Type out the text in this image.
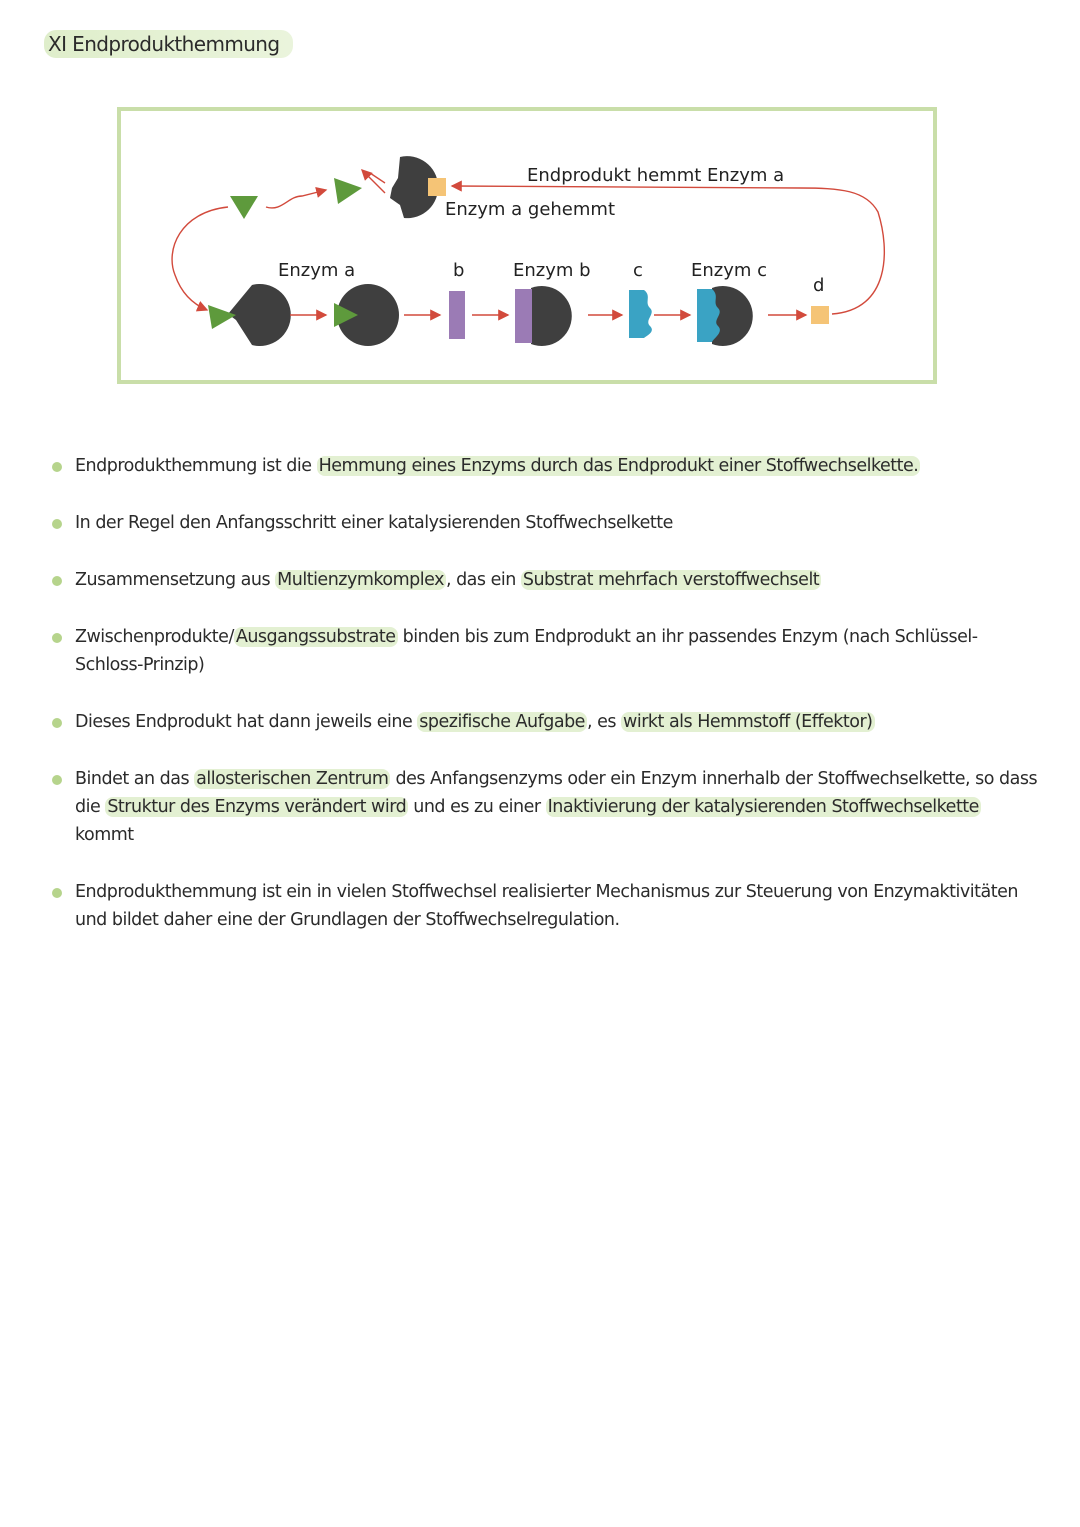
XI Endprodukthemmung
Endprodukt hemmt Enzym a
Enzym a gehemmt
Enzym a	b	Enzym b c	Enzym c
d
Endprodukthemmung ist die Hemmung eines Enzyms durch das Endprodukt einer Stoffwechselkette.
In der Regel den Anfangsschritt einer katalysierenden Stoffwechselkette
Zusammensetzung aus Multienzymkomplex , das ein Substrat mehrfach verstoffwechselt
Zwischenprodukte/ Ausgangssubstrate binden bis zum Endprodukt an ihr passendes Enzym (nach Schlüssel-Schloss-Prinzip)
Dieses Endprodukt hat dann jeweils eine spezifische Aufgabe , es wirkt als Hemmstoff (Effektor)
Bindet an das allosterischen Zentrum des Anfangsenzyms oder ein Enzym innerhalb der Stoffwechselkette, so dass die Struktur des Enzyms verändert wird und es zu einer Inaktivierung der katalysierenden Stoffwechselkette kommt
Endprodukthemmung ist ein in vielen Stoffwechsel realisierter Mechanismus zur Steuerung von Enzymaktivitäten und bildet daher eine der Grundlagen der Stoffwechselregulation.
